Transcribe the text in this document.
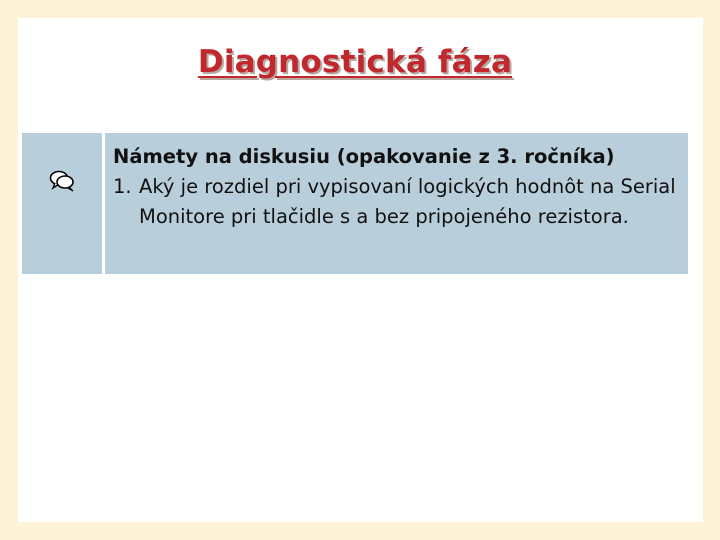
Diagnostická fáza
Námety na diskusiu (opakovanie z 3. ročníka)
1. Aký je rozdiel pri vypisovaní logických hodnôt na Serial Monitore pri tlačidle s a bez pripojeného rezistora.
